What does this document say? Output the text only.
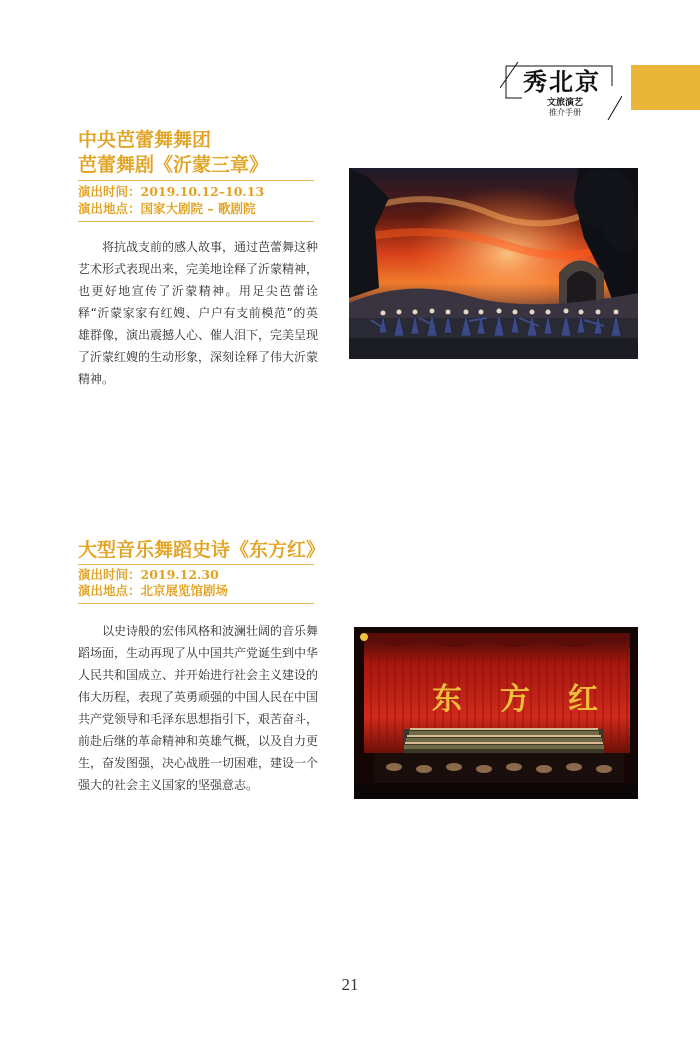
秀北京
文旅演艺
推介手册
中央芭蕾舞舞团
芭蕾舞剧《沂蒙三章》
演出时间：2019.10.12–10.13
演出地点：国家大剧院 – 歌剧院

将抗战支前的感人故事，通过芭蕾舞这种艺术形式表现出来，完美地诠释了沂蒙精神，也更好地宣传了沂蒙精神。用足尖芭蕾诠释“沂蒙家家有红嫂、户户有支前模范”的英雄群像，演出震撼人心、催人泪下，完美呈现了沂蒙红嫂的生动形象，深刻诠释了伟大沂蒙精神。

大型音乐舞蹈史诗《东方红》
演出时间：2019.12.30
演出地点：北京展览馆剧场

以史诗般的宏伟风格和波澜壮阔的音乐舞蹈场面，生动再现了从中国共产党诞生到中华人民共和国成立、并开始进行社会主义建设的伟大历程，表现了英勇顽强的中国人民在中国共产党领导和毛泽东思想指引下，艰苦奋斗，前赴后继的革命精神和英雄气概，以及自力更生，奋发图强，决心战胜一切困难，建设一个强大的社会主义国家的坚强意志。

东方红
21
